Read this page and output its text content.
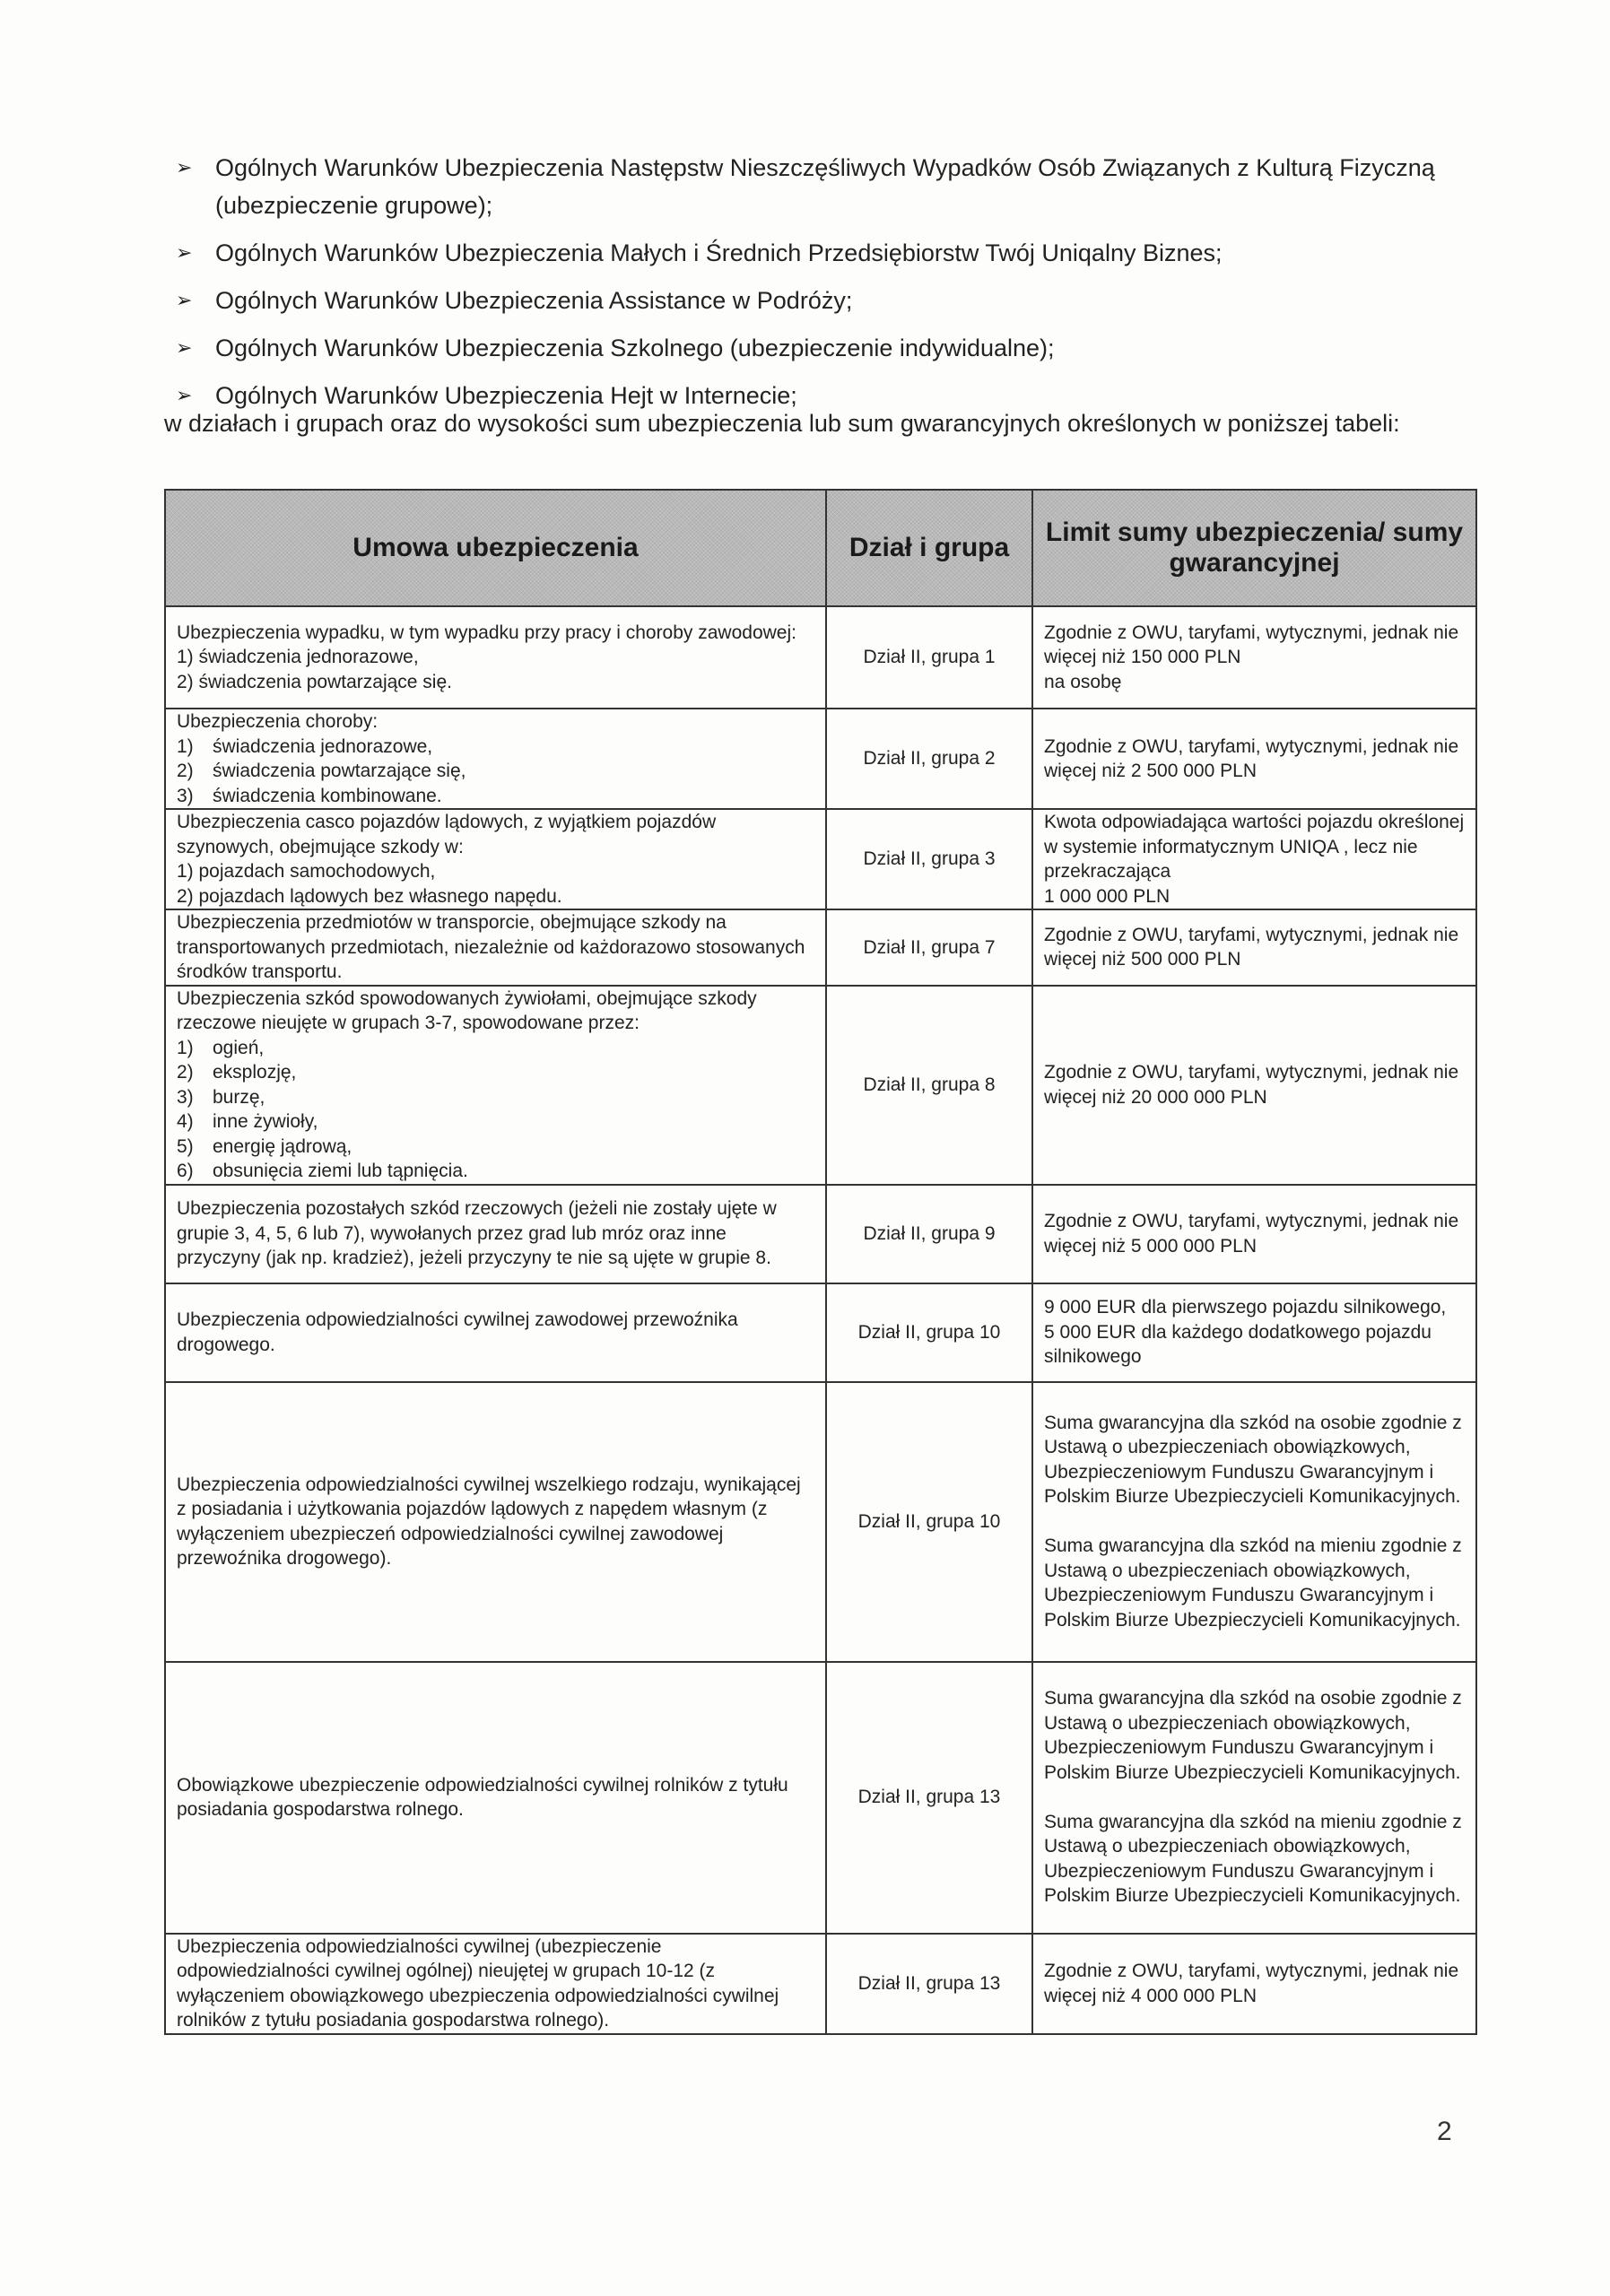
➢ Ogólnych Warunków Ubezpieczenia Następstw Nieszczęśliwych Wypadków Osób Związanych z Kulturą Fizyczną (ubezpieczenie grupowe);
➢ Ogólnych Warunków Ubezpieczenia Małych i Średnich Przedsiębiorstw Twój Uniqalny Biznes;
➢ Ogólnych Warunków Ubezpieczenia Assistance w Podróży;
➢ Ogólnych Warunków Ubezpieczenia Szkolnego (ubezpieczenie indywidualne);
➢ Ogólnych Warunków Ubezpieczenia Hejt w Internecie;

w działach i grupach oraz do wysokości sum ubezpieczenia lub sum gwarancyjnych określonych w poniższej tabeli:

Umowa ubezpieczenia	Dział i grupa	Limit sumy ubezpieczenia/ sumy gwarancyjnej

Ubezpieczenia wypadku, w tym wypadku przy pracy i choroby zawodowej:
1) świadczenia jednorazowe,
2) świadczenia powtarzające się.
	Dział II, grupa 1	
Zgodnie z OWU, taryfami, wytycznymi, jednak nie więcej niż 150 000 PLN
na osobę

Ubezpieczenia choroby:
1)	świadczenia jednorazowe,
2)	świadczenia powtarzające się,
3)	świadczenia kombinowane.
	Dział II, grupa 2	
Zgodnie z OWU, taryfami, wytycznymi, jednak nie więcej niż 2 500 000 PLN

Ubezpieczenia casco pojazdów lądowych, z wyjątkiem pojazdów szynowych, obejmujące szkody w:
1) pojazdach samochodowych,
2) pojazdach lądowych bez własnego napędu.
	Dział II, grupa 3	
Kwota odpowiadająca wartości pojazdu określonej w systemie informatycznym UNIQA , lecz nie przekraczająca
1 000 000 PLN

Ubezpieczenia przedmiotów w transporcie, obejmujące szkody na transportowanych przedmiotach, niezależnie od każdorazowo stosowanych środków transportu.	Dział II, grupa 7	Zgodnie z OWU, taryfami, wytycznymi, jednak nie więcej niż 500 000 PLN

Ubezpieczenia szkód spowodowanych żywiołami, obejmujące szkody rzeczowe nieujęte w grupach 3-7, spowodowane przez:
1)	ogień,
2)	eksplozję,
3)	burzę,
4)	inne żywioły,
5)	energię jądrową,
6)	obsunięcia ziemi lub tąpnięcia.
	Dział II, grupa 8	
Zgodnie z OWU, taryfami, wytycznymi, jednak nie więcej niż 20 000 000 PLN

Ubezpieczenia pozostałych szkód rzeczowych (jeżeli nie zostały ujęte w grupie 3, 4, 5, 6 lub 7), wywołanych przez grad lub mróz oraz inne przyczyny (jak np. kradzież), jeżeli przyczyny te nie są ujęte w grupie 8.	Dział II, grupa 9	Zgodnie z OWU, taryfami, wytycznymi, jednak nie więcej niż 5 000 000 PLN

Ubezpieczenia odpowiedzialności cywilnej zawodowej przewoźnika drogowego.	Dział II, grupa 10	9 000 EUR dla pierwszego pojazdu silnikowego,
5 000 EUR dla każdego dodatkowego pojazdu silnikowego

Ubezpieczenia odpowiedzialności cywilnej wszelkiego rodzaju, wynikającej z posiadania i użytkowania pojazdów lądowych z napędem własnym (z wyłączeniem ubezpieczeń odpowiedzialności cywilnej zawodowej przewoźnika drogowego).
	Dział II, grupa 10	
Suma gwarancyjna dla szkód na osobie zgodnie z Ustawą o ubezpieczeniach obowiązkowych, Ubezpieczeniowym Funduszu Gwarancyjnym i Polskim Biurze Ubezpieczycieli Komunikacyjnych.
Suma gwarancyjna dla szkód na mieniu zgodnie z Ustawą o ubezpieczeniach obowiązkowych, Ubezpieczeniowym Funduszu Gwarancyjnym i Polskim Biurze Ubezpieczycieli Komunikacyjnych.

Obowiązkowe ubezpieczenie odpowiedzialności cywilnej rolników z tytułu posiadania gospodarstwa rolnego.	Dział II, grupa 13	Suma gwarancyjna dla szkód na osobie zgodnie z Ustawą o ubezpieczeniach obowiązkowych, Ubezpieczeniowym Funduszu Gwarancyjnym i Polskim Biurze Ubezpieczycieli Komunikacyjnych.
Suma gwarancyjna dla szkód na mieniu zgodnie z Ustawą o ubezpieczeniach obowiązkowych, Ubezpieczeniowym Funduszu Gwarancyjnym i Polskim Biurze Ubezpieczycieli Komunikacyjnych.

Ubezpieczenia odpowiedzialności cywilnej (ubezpieczenie odpowiedzialności cywilnej ogólnej) nieujętej w grupach 10-12 (z wyłączeniem obowiązkowego ubezpieczenia odpowiedzialności cywilnej rolników z tytułu posiadania gospodarstwa rolnego).	Dział II, grupa 13	Zgodnie z OWU, taryfami, wytycznymi, jednak nie więcej niż 4 000 000 PLN
2
